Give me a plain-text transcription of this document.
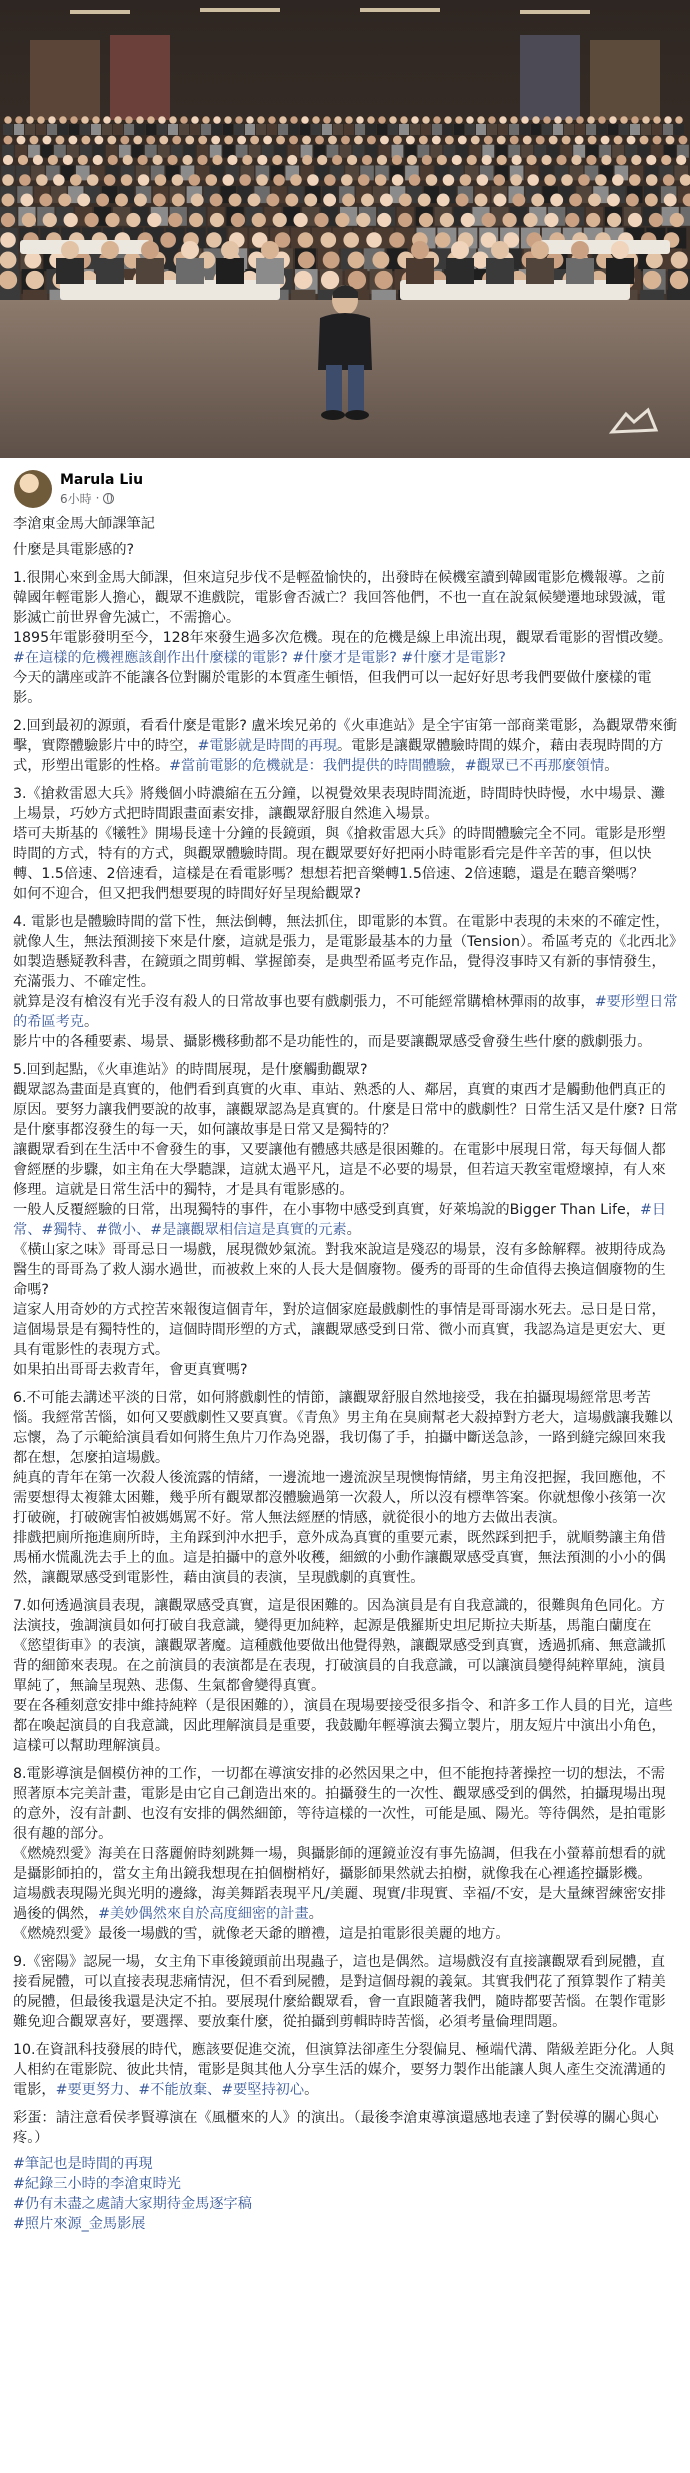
Marula Liu
6小時 ·

李滄東金馬大師課筆記

什麼是具電影感的?

1.很開心來到金馬大師課，但來這兒步伐不是輕盈愉快的，出發時在候機室讀到韓國電影危機報導。之前韓國年輕電影人擔心，觀眾不進戲院，電影會否滅亡？我回答他們，不也一直在說氣候變遷地球毀滅，電影滅亡前世界會先滅亡，不需擔心。
1895年電影發明至今，128年來發生過多次危機。現在的危機是線上串流出現，觀眾看電影的習慣改變。#在這樣的危機裡應該創作出什麼樣的電影? #什麼才是電影? #什麼才是電影?
今天的講座或許不能讓各位對關於電影的本質產生頓悟，但我們可以一起好好思考我們要做什麼樣的電影。

2.回到最初的源頭，看看什麼是電影? 盧米埃兄弟的《火車進站》是全宇宙第一部商業電影，為觀眾帶來衝擊，實際體驗影片中的時空，#電影就是時間的再現。電影是讓觀眾體驗時間的媒介，藉由表現時間的方式，形塑出電影的性格。#當前電影的危機就是：我們提供的時間體驗，#觀眾已不再那麼領情。

3.《搶救雷恩大兵》將幾個小時濃縮在五分鐘，以視覺效果表現時間流逝，時間時快時慢，水中場景、灘上場景，巧妙方式把時間跟畫面素安排，讓觀眾舒服自然進入場景。
塔可夫斯基的《犧牲》開場長達十分鐘的長鏡頭，與《搶救雷恩大兵》的時間體驗完全不同。電影是形塑時間的方式，特有的方式，與觀眾體驗時間。現在觀眾要好好把兩小時電影看完是件辛苦的事，但以快轉、1.5倍速、2倍速看，這樣是在看電影嗎？想想若把音樂轉1.5倍速、2倍速聽，還是在聽音樂嗎？
如何不迎合，但又把我們想要現的時間好好呈現給觀眾?

4. 電影也是體驗時間的當下性，無法倒轉，無法抓住，即電影的本質。在電影中表現的未來的不確定性，就像人生，無法預測接下來是什麼，這就是張力，是電影最基本的力量（Tension）。希區考克的《北西北》如製造懸疑教科書，在鏡頭之間剪輯、掌握節奏，是典型希區考克作品，覺得沒事時又有新的事情發生，充滿張力、不確定性。
就算是沒有槍沒有光手沒有殺人的日常故事也要有戲劇張力，不可能經常購槍林彈雨的故事，#要形塑日常的希區考克。
影片中的各種要素、場景、攝影機移動都不是功能性的，而是要讓觀眾感受會發生些什麼的戲劇張力。

5.回到起點，《火車進站》的時間展現，是什麼觸動觀眾?
觀眾認為畫面是真實的，他們看到真實的火車、車站、熟悉的人、鄰居，真實的東西才是觸動他們真正的原因。要努力讓我們要說的故事，讓觀眾認為是真實的。什麼是日常中的戲劇性？日常生活又是什麼? 日常是什麼事都沒發生的每一天，如何讓故事是日常又是獨特的？
讓觀眾看到在生活中不會發生的事，又要讓他有體感共感是很困難的。在電影中展現日常，每天每個人都會經歷的步驟，如主角在大學聽課，這就太過平凡，這是不必要的場景，但若這天教室電燈壞掉，有人來修理。這就是日常生活中的獨特，才是具有電影感的。
一般人反覆經驗的日常，出現獨特的事件，在小事物中感受到真實，好萊塢說的Bigger Than Life，#日常、#獨特、#微小、#是讓觀眾相信這是真實的元素。
《橫山家之味》哥哥忌日一場戲，展現微妙氣流。對我來說這是殘忍的場景，沒有多餘解釋。被期待成為醫生的哥哥為了救人溺水過世，而被救上來的人長大是個廢物。優秀的哥哥的生命值得去換這個廢物的生命嗎?
這家人用奇妙的方式控苦來報復這個青年，對於這個家庭最戲劇性的事情是哥哥溺水死去。忌日是日常，這個場景是有獨特性的，這個時間形塑的方式，讓觀眾感受到日常、微小而真實，我認為這是更宏大、更具有電影性的表現方式。
如果拍出哥哥去救青年，會更真實嗎?

6.不可能去講述平淡的日常，如何將戲劇性的情節，讓觀眾舒服自然地接受，我在拍攝現場經常思考苦惱。我經常苦惱，如何又要戲劇性又要真實。《青魚》男主角在臭廁幫老大殺掉對方老大，這場戲讓我難以忘懷，為了示範給演員看如何將生魚片刀作為兇器，我切傷了手，拍攝中斷送急診，一路到縫完線回來我都在想，怎麼拍這場戲。
純真的青年在第一次殺人後流露的情緒，一邊流地一邊流淚呈現懊悔情緒，男主角沒把握，我回應他，不需要想得太複雜太困難，幾乎所有觀眾都沒體驗過第一次殺人，所以沒有標準答案。你就想像小孩第一次打破碗，打破碗害怕被媽媽罵不好。常人無法經歷的情感，就從很小的地方去做出表演。
排戲把廁所拖進廁所時，主角踩到沖水把手，意外成為真實的重要元素，既然踩到把手，就順勢讓主角借馬桶水慌亂洗去手上的血。這是拍攝中的意外收穫，細緻的小動作讓觀眾感受真實，無法預測的小小的偶然，讓觀眾感受到電影性，藉由演員的表演，呈現戲劇的真實性。

7.如何透過演員表現，讓觀眾感受真實，這是很困難的。因為演員是有自我意識的，很難與角色同化。方法演技，強調演員如何打破自我意識，變得更加純粹，起源是俄羅斯史坦尼斯拉夫斯基，馬龍白蘭度在《慾望街車》的表演，讓觀眾著魔。這種戲他要做出他覺得熟，讓觀眾感受到真實，透過抓痛、無意識抓背的細節來表現。在之前演員的表演都是在表現，打破演員的自我意識，可以讓演員變得純粹單純，演員單純了，無論呈現熟、悲傷、生氣都會變得真實。
要在各種刻意安排中維持純粹（是很困難的），演員在現場要接受很多指令、和許多工作人員的目光，這些都在喚起演員的自我意識，因此理解演員是重要，我鼓勵年輕導演去獨立製片，朋友短片中演出小角色，這樣可以幫助理解演員。

8.電影導演是個模仿神的工作，一切都在導演安排的必然因果之中，但不能抱持著操控一切的想法，不需照著原本完美計畫，電影是由它自己創造出來的。拍攝發生的一次性、觀眾感受到的偶然，拍攝現場出現的意外，沒有計劃、也沒有安排的偶然細節，等待這樣的一次性，可能是風、陽光。等待偶然，是拍電影很有趣的部分。
《燃燒烈愛》海美在日落麗俯時刻跳舞一場，與攝影師的運鏡並沒有事先協調，但我在小螢幕前想看的就是攝影師拍的，當女主角出鏡我想現在拍個樹梢好，攝影師果然就去拍樹，就像我在心裡遙控攝影機。
這場戲表現陽光與光明的邊緣，海美舞蹈表現平凡/美麗、現實/非現實、幸福/不安，是大量練習練密安排過後的偶然，#美妙偶然來自於高度細密的計畫。
《燃燒烈愛》最後一場戲的雪，就像老天爺的贈禮，這是拍電影很美麗的地方。

9.《密陽》認屍一場，女主角下車後鏡頭前出現蟲子，這也是偶然。這場戲沒有直接讓觀眾看到屍體，直接看屍體，可以直接表現悲痛情況，但不看到屍體，是對這個母親的義氣。其實我們花了預算製作了精美的屍體，但最後我還是決定不拍。要展現什麼給觀眾看，會一直跟隨著我們，隨時都要苦惱。在製作電影難免迎合觀眾喜好，要選擇、要放棄什麼，從拍攝到剪輯時時苦惱，必須考量倫理問題。

10.在資訊科技發展的時代，應該要促進交流，但演算法卻產生分裂偏見、極端代溝、階級差距分化。人與人相約在電影院、彼此共情，電影是與其他人分享生活的媒介，要努力製作出能讓人與人產生交流溝通的電影，#要更努力、#不能放棄、#要堅持初心。

彩蛋：請注意看侯孝賢導演在《風櫃來的人》的演出。（最後李滄東導演還感地表達了對侯導的關心與心疼。）

#筆記也是時間的再現
#紀錄三小時的李滄東時光
#仍有未盡之處請大家期待金馬逐字稿
#照片來源_金馬影展
